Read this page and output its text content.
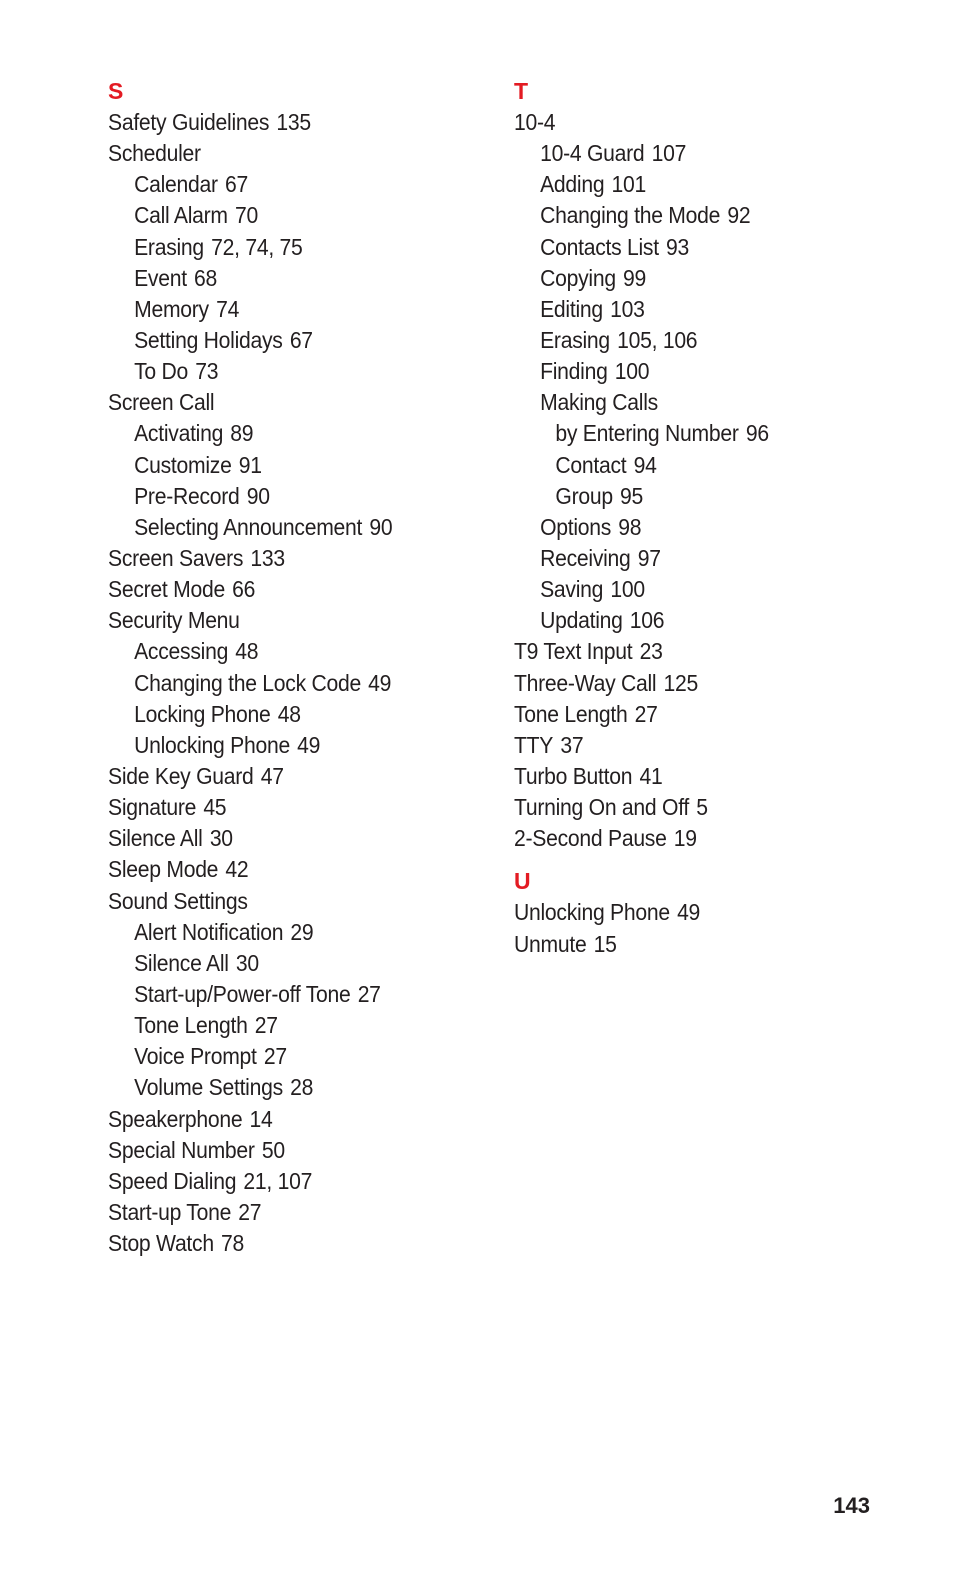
S
Safety Guidelines 135
Scheduler
Calendar 67
Call Alarm 70
Erasing 72, 74, 75
Event 68
Memory 74
Setting Holidays 67
To Do 73
Screen Call
Activating 89
Customize 91
Pre-Record 90
Selecting Announcement 90
Screen Savers 133
Secret Mode 66
Security Menu
Accessing 48
Changing the Lock Code 49
Locking Phone 48
Unlocking Phone 49
Side Key Guard 47
Signature 45
Silence All 30
Sleep Mode 42
Sound Settings
Alert Notification 29
Silence All 30
Start-up/Power-off Tone 27
Tone Length 27
Voice Prompt 27
Volume Settings 28
Speakerphone 14
Special Number 50
Speed Dialing 21, 107
Start-up Tone 27
Stop Watch 78
T
10-4
10-4 Guard 107
Adding 101
Changing the Mode 92
Contacts List 93
Copying 99
Editing 103
Erasing 105, 106
Finding 100
Making Calls
by Entering Number 96
Contact 94
Group 95
Options 98
Receiving 97
Saving 100
Updating 106
T9 Text Input 23
Three-Way Call 125
Tone Length 27
TTY 37
Turbo Button 41
Turning On and Off 5
2-Second Pause 19
U
Unlocking Phone 49
Unmute 15
143
